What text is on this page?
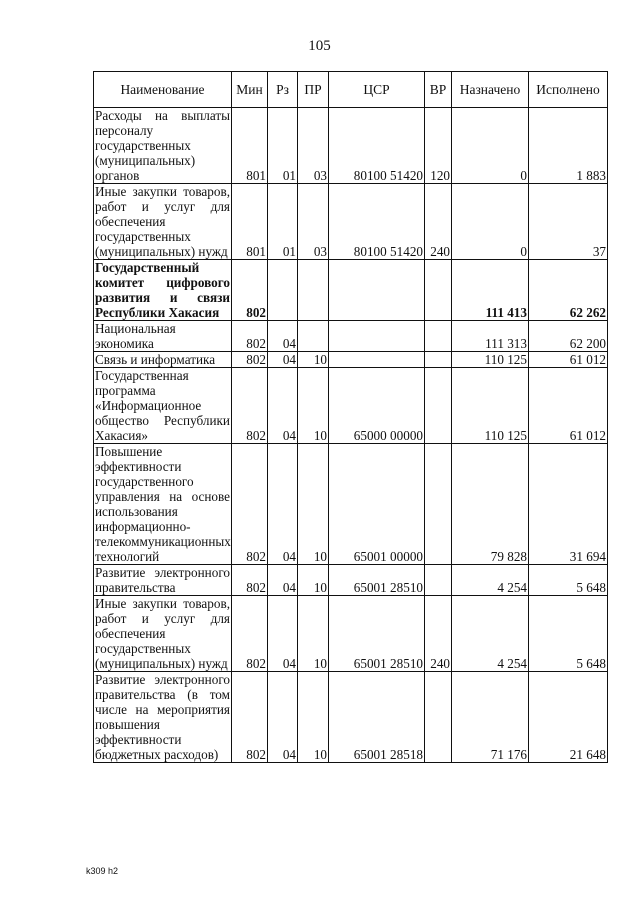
105
Наименование	Мин	Рз	ПР	ЦСР	ВР	Назначено	Исполнено
Расходы на выплаты персоналу государственных (муниципальных) органов	801	01	03	80100 51420	120	0	1 883
Иные закупки товаров, работ и услуг для обеспечения государственных (муниципальных) нужд	801	01	03	80100 51420	240	0	37
Государственный комитет цифрового развития и связи Республики Хакасия	802					111 413	62 262
Национальная экономика	802	04				111 313	62 200
Связь и информатика	802	04	10			110 125	61 012
Государственная программа «Информационное общество Республики Хакасия»	802	04	10	65000 00000		110 125	61 012
Повышение эффективности государственного управления на основе использования информационно-телекоммуникационных технологий	802	04	10	65001 00000		79 828	31 694
Развитие электронного правительства	802	04	10	65001 28510		4 254	5 648
Иные закупки товаров, работ и услуг для обеспечения государственных (муниципальных) нужд	802	04	10	65001 28510	240	4 254	5 648
Развитие электронного правительства (в том числе на мероприятия повышения эффективности бюджетных расходов)	802	04	10	65001 28518		71 176	21 648
k309 h2
